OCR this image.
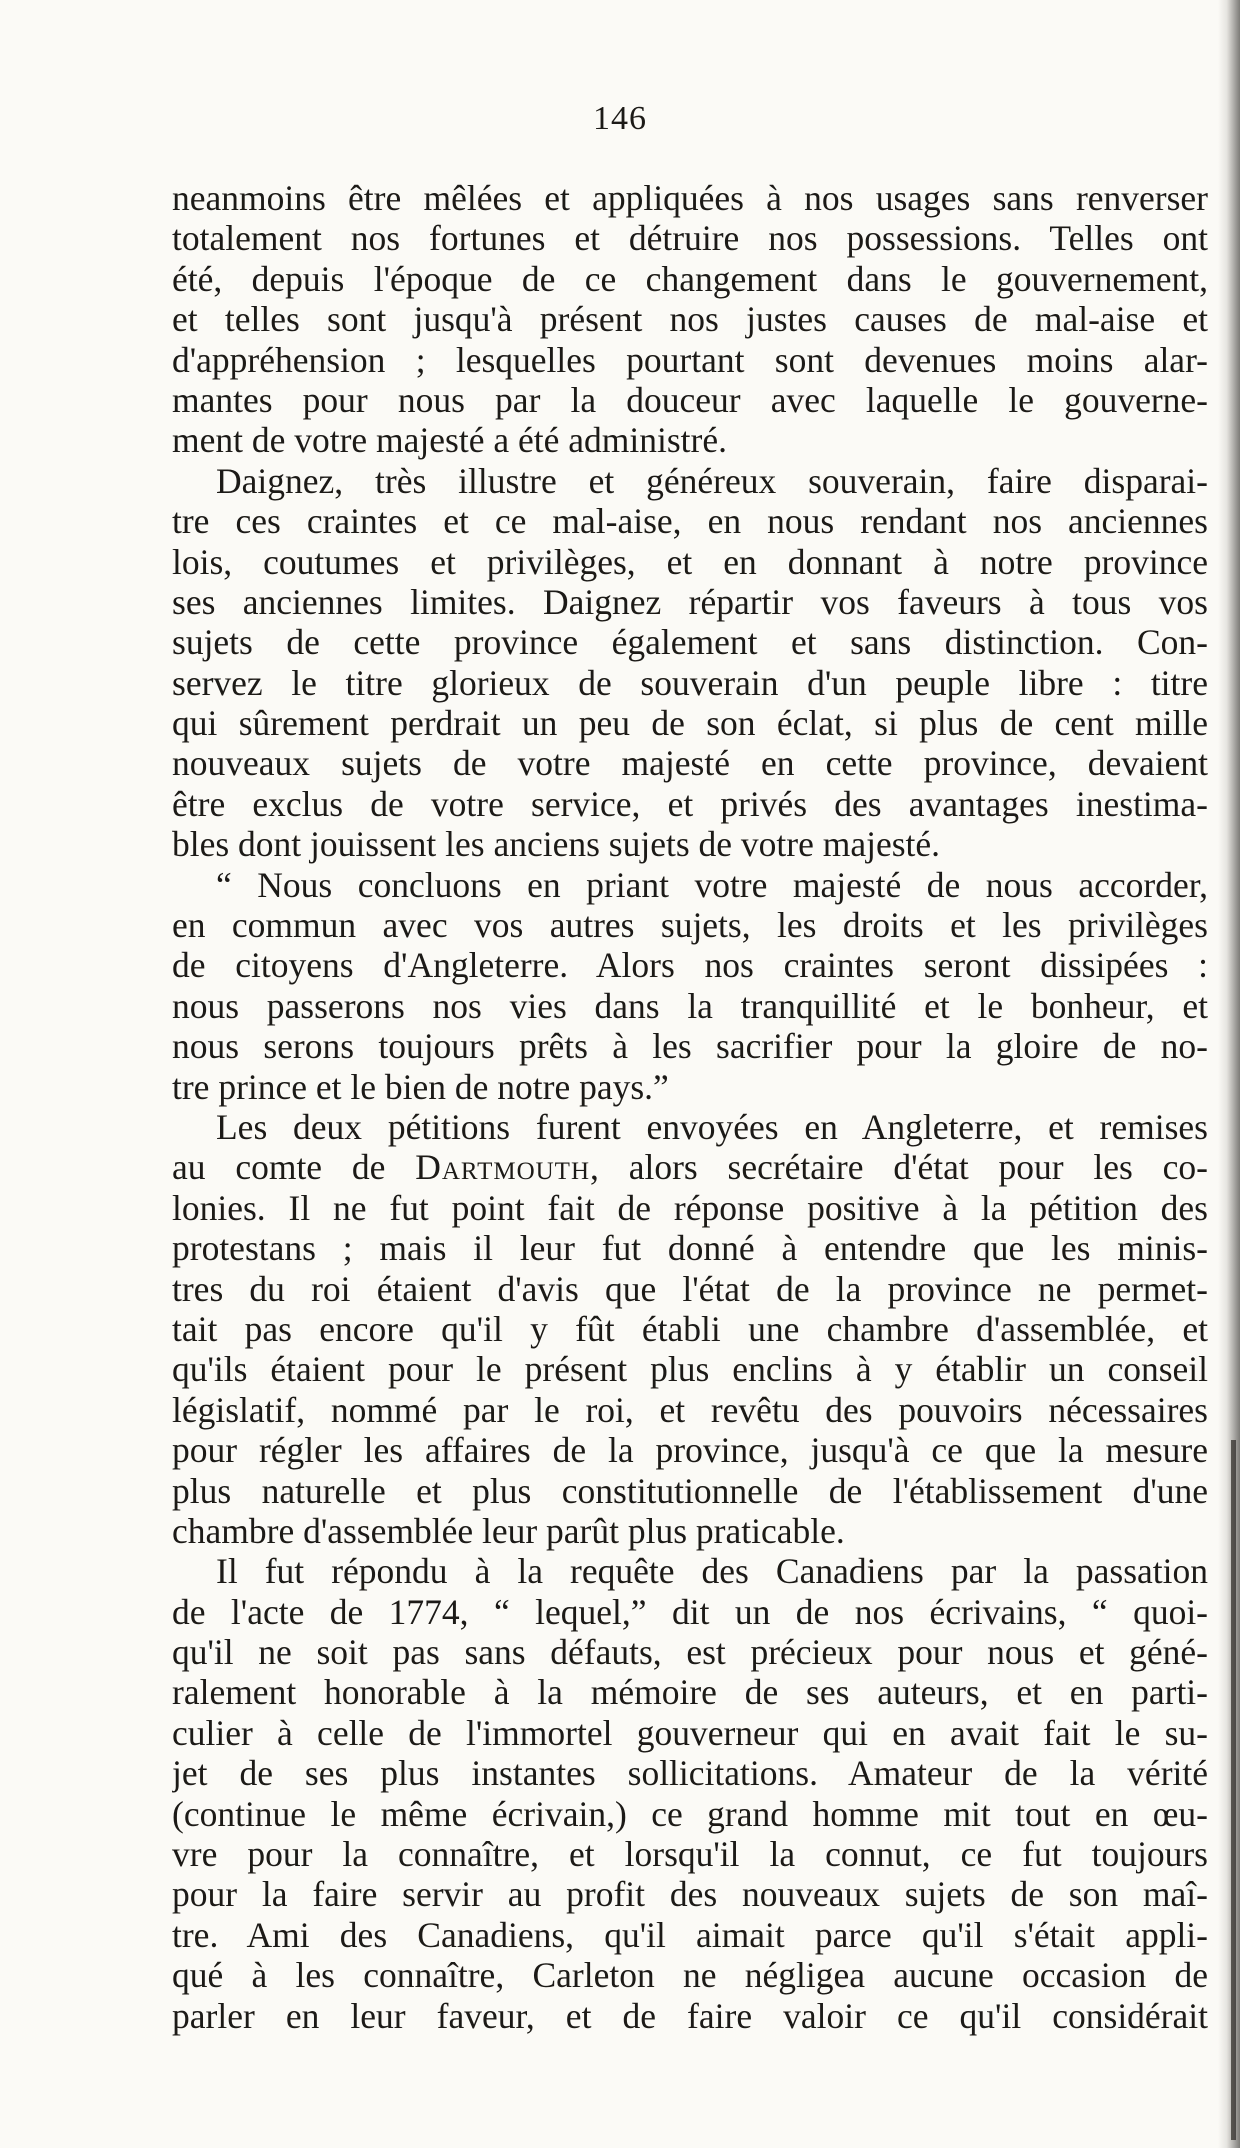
146
neanmoins être mêlées et appliquées à nos usages sans renverser
totalement nos fortunes et détruire nos possessions. Telles ont
été, depuis l'époque de ce changement dans le gouvernement,
et telles sont jusqu'à présent nos justes causes de mal-aise et
d'appréhension ; lesquelles pourtant sont devenues moins alar-
mantes pour nous par la douceur avec laquelle le gouverne-
ment de votre majesté a été administré.
Daignez, très illustre et généreux souverain, faire disparai-
tre ces craintes et ce mal-aise, en nous rendant nos anciennes
lois, coutumes et privilèges, et en donnant à notre province
ses anciennes limites. Daignez répartir vos faveurs à tous vos
sujets de cette province également et sans distinction. Con-
servez le titre glorieux de souverain d'un peuple libre : titre
qui sûrement perdrait un peu de son éclat, si plus de cent mille
nouveaux sujets de votre majesté en cette province, devaient
être exclus de votre service, et privés des avantages inestima-
bles dont jouissent les anciens sujets de votre majesté.
“ Nous concluons en priant votre majesté de nous accorder,
en commun avec vos autres sujets, les droits et les privilèges
de citoyens d'Angleterre. Alors nos craintes seront dissipées :
nous passerons nos vies dans la tranquillité et le bonheur, et
nous serons toujours prêts à les sacrifier pour la gloire de no-
tre prince et le bien de notre pays.”
Les deux pétitions furent envoyées en Angleterre, et remises
au comte de Dartmouth, alors secrétaire d'état pour les co-
lonies. Il ne fut point fait de réponse positive à la pétition des
protestans ; mais il leur fut donné à entendre que les minis-
tres du roi étaient d'avis que l'état de la province ne permet-
tait pas encore qu'il y fût établi une chambre d'assemblée, et
qu'ils étaient pour le présent plus enclins à y établir un conseil
législatif, nommé par le roi, et revêtu des pouvoirs nécessaires
pour régler les affaires de la province, jusqu'à ce que la mesure
plus naturelle et plus constitutionnelle de l'établissement d'une
chambre d'assemblée leur parût plus praticable.
Il fut répondu à la requête des Canadiens par la passation
de l'acte de 1774, “ lequel,” dit un de nos écrivains, “ quoi-
qu'il ne soit pas sans défauts, est précieux pour nous et géné-
ralement honorable à la mémoire de ses auteurs, et en parti-
culier à celle de l'immortel gouverneur qui en avait fait le su-
jet de ses plus instantes sollicitations. Amateur de la vérité
(continue le même écrivain,) ce grand homme mit tout en œu-
vre pour la connaître, et lorsqu'il la connut, ce fut toujours
pour la faire servir au profit des nouveaux sujets de son maî-
tre. Ami des Canadiens, qu'il aimait parce qu'il s'était appli-
qué à les connaître, Carleton ne négligea aucune occasion de
parler en leur faveur, et de faire valoir ce qu'il considérait
